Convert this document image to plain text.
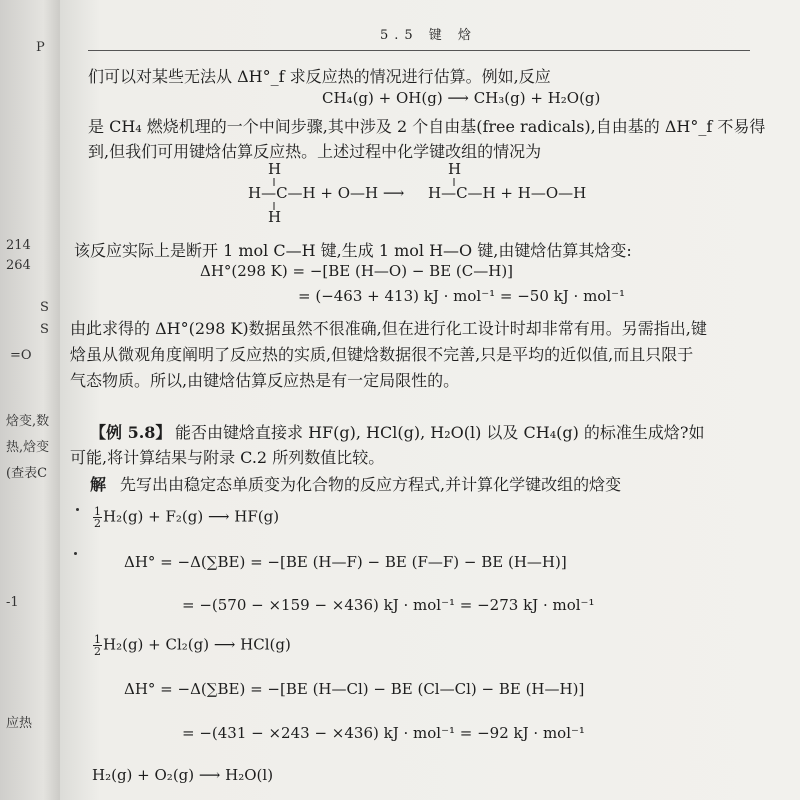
P
214
264
S
S
=O
焓变,数
热,焓变
(查表C
-1
应热
5.5 键 焓
们可以对某些无法从 ΔH°_f 求反应热的情况进行估算。例如,反应
CH₄(g) + OH(g) ⟶ CH₃(g) + H₂O(g)
是 CH₄ 燃烧机理的一个中间步骤,其中涉及 2 个自由基(free radicals),自由基的 ΔH°_f 不易得
到,但我们可用键焓估算反应热。上述过程中化学键改组的情况为
H
H
H—C—H + O—H ⟶
H
H—C—H + H—O—H
该反应实际上是断开 1 mol C—H 键,生成 1 mol H—O 键,由键焓估算其焓变:
ΔH°(298 K) = −[BE (H—O) − BE (C—H)]
= (−463 + 413) kJ · mol⁻¹ = −50 kJ · mol⁻¹
由此求得的 ΔH°(298 K)数据虽然不很准确,但在进行化工设计时却非常有用。另需指出,键
焓虽从微观角度阐明了反应热的实质,但键焓数据很不完善,只是平均的近似值,而且只限于
气态物质。所以,由键焓估算反应热是有一定局限性的。
【例 5.8】 能否由键焓直接求 HF(g), HCl(g), H₂O(l) 以及 CH₄(g) 的标准生成焓?如
可能,将计算结果与附录 C.2 所列数值比较。
解 先写出由稳定态单质变为化合物的反应方程式,并计算化学键改组的焓变
$\frac{1}{2} H_2(g) + F_2(g)$ ⟶ HF(g)
ΔH° = −Δ(∑BE) = −[BE (H—F) − BE (F—F) − BE (H—H)]
= −(570 − ×159 − ×436) kJ · mol⁻¹ = −273 kJ · mol⁻¹
$\frac{1}{2} H_2(g) + Cl_2(g)$ ⟶ HCl(g)
ΔH° = −Δ(∑BE) = −[BE (H—Cl) − BE (Cl—Cl) − BE (H—H)]
= −(431 − ×243 − ×436) kJ · mol⁻¹ = −92 kJ · mol⁻¹
H₂(g) + O₂(g) ⟶ H₂O(l)
